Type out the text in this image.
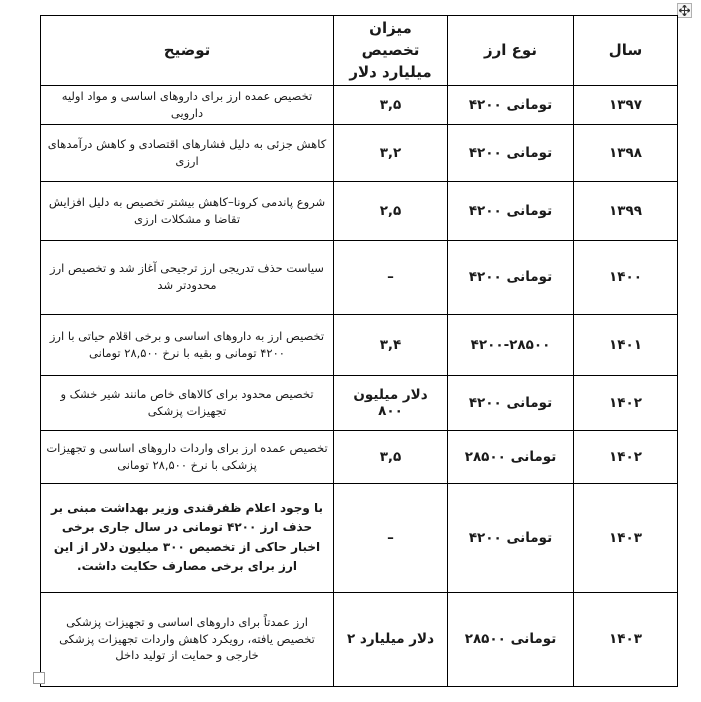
سال	نوع ارز	میزان تخصیص میلیارد دلار	توضیح
۱۳۹۷	تومانی ۴۲۰۰	۳,۵	تخصیص عمده ارز برای داروهای اساسی و مواد اولیه دارویی
۱۳۹۸	تومانی ۴۲۰۰	۳,۲	کاهش جزئی به دلیل فشارهای اقتصادی و کاهش درآمدهای ارزی
۱۳۹۹	تومانی ۴۲۰۰	۲,۵	شروع پاندمی کرونا–کاهش بیشتر تخصیص به دلیل افزایش تقاضا و مشکلات ارزی
۱۴۰۰	تومانی ۴۲۰۰	–	سیاست حذف تدریجی ارز ترجیحی آغاز شد و تخصیص ارز محدودتر شد
۱۴۰۱	۴۲۰۰-۲۸۵۰۰	۳,۴	تخصیص ارز به داروهای اساسی و برخی اقلام حیاتی با ارز ۴۲۰۰ تومانی و بقیه با نرخ ۲۸,۵۰۰ تومانی
۱۴۰۲	تومانی ۴۲۰۰	دلار میلیون ۸۰۰	تخصیص محدود برای کالاهای خاص مانند شیر خشک و تجهیزات پزشکی
۱۴۰۲	تومانی ۲۸۵۰۰	۳,۵	تخصیص عمده ارز برای واردات داروهای اساسی و تجهیزات پزشکی با نرخ ۲۸,۵۰۰ تومانی
۱۴۰۳	تومانی ۴۲۰۰	–	با وجود اعلام ظفرقندی وزیر بهداشت مبنی بر حذف ارز ۴۲۰۰ تومانی در سال جاری برخی اخبار حاکی از تخصیص ۳۰۰ میلیون دلار از این ارز برای برخی مصارف حکایت داشت.
۱۴۰۳	تومانی ۲۸۵۰۰	دلار میلیارد ۲	ارز عمدتاً برای داروهای اساسی و تجهیزات پزشکی تخصیص یافته، رویکرد کاهش واردات تجهیزات پزشکی خارجی و حمایت از تولید داخل
